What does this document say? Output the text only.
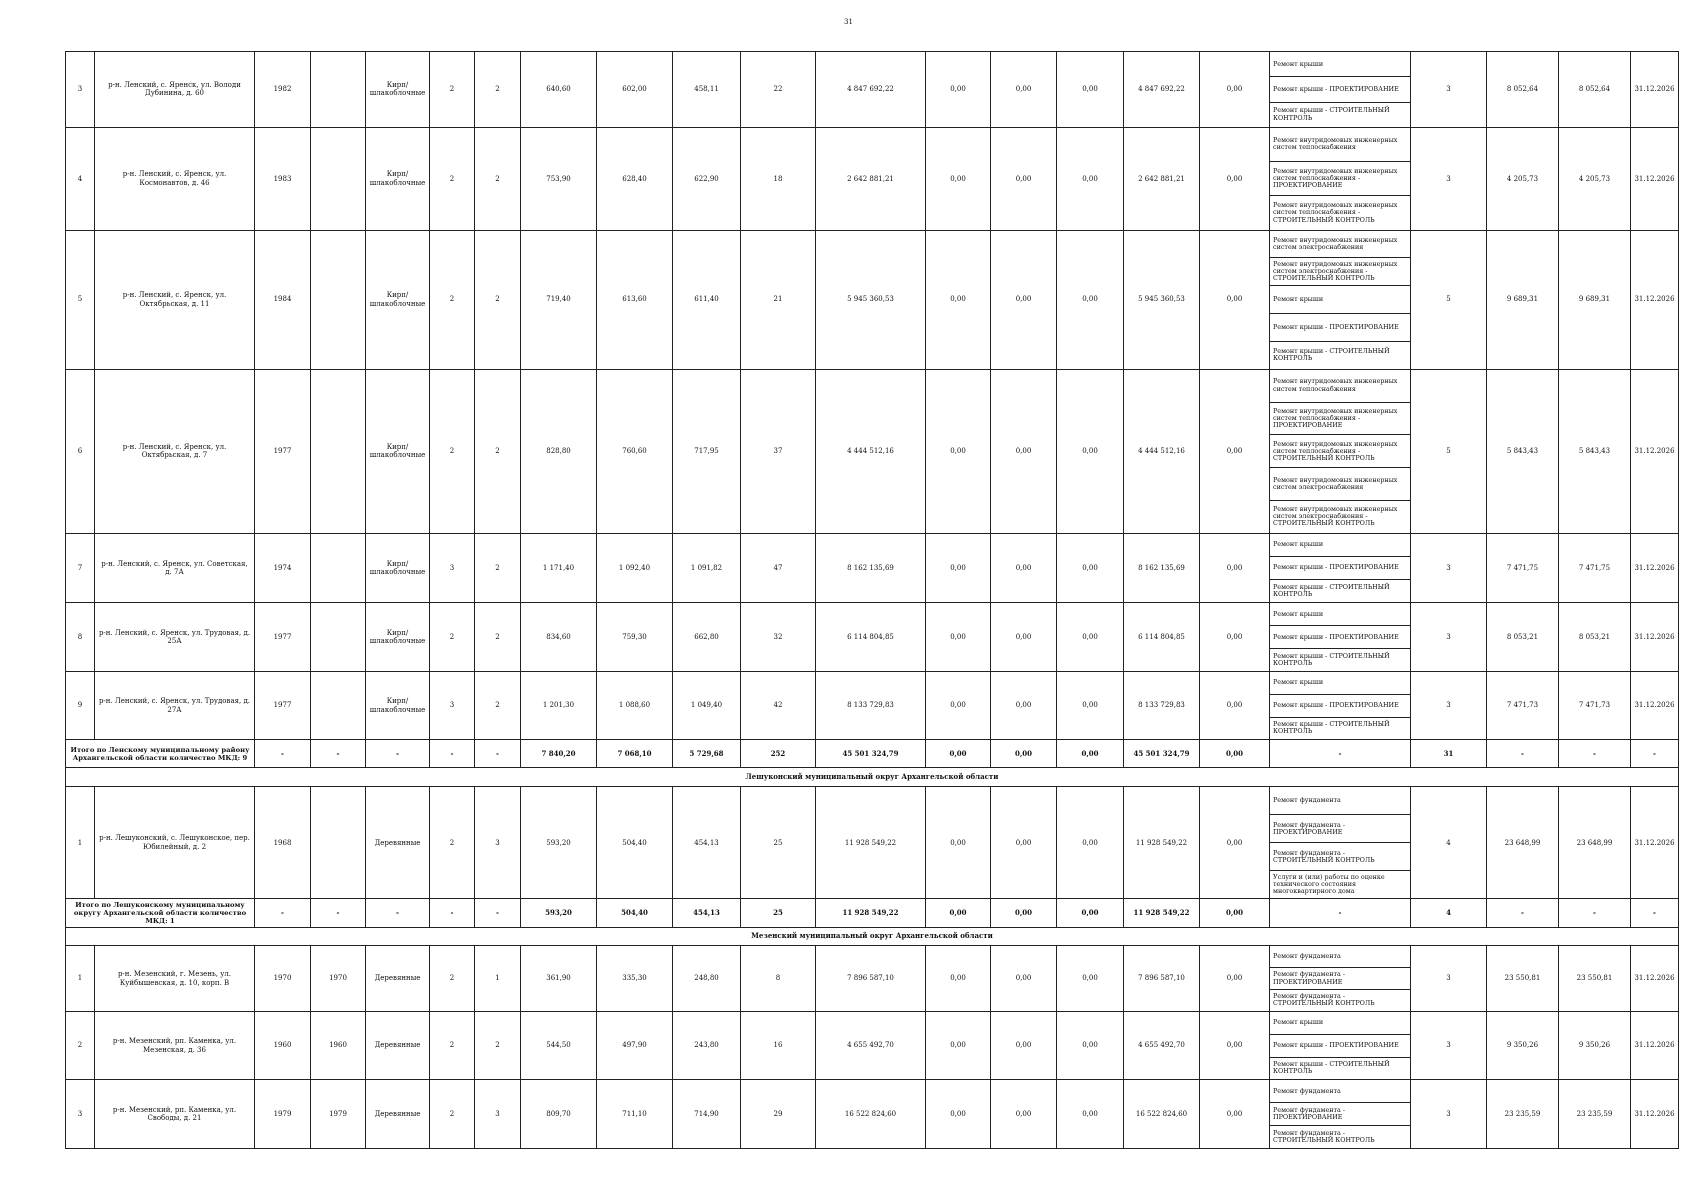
31
3	р-н. Ленский, с. Яренск, ул. Володи Дубинина, д. 60	1982		Кирп/ шлакоблочные	2	2	640,60	602,00	458,11	22	4 847 692,22	0,00	0,00	0,00	4 847 692,22	0,00	Ремонт крыши
Ремонт крыши - ПРОЕКТИРОВАНИЕ
Ремонт крыши - СТРОИТЕЛЬНЫЙ КОНТРОЛЬ	3	8 052,64	8 052,64	31.12.2026
4	р-н. Ленский, с. Яренск, ул. Космонавтов, д. 46	1983		Кирп/ шлакоблочные	2	2	753,90	628,40	622,90	18	2 642 881,21	0,00	0,00	0,00	2 642 881,21	0,00	Ремонт внутридомовых инженерных систем теплоснабжения
Ремонт внутридомовых инженерных систем теплоснабжения - ПРОЕКТИРОВАНИЕ
Ремонт внутридомовых инженерных систем теплоснабжения - СТРОИТЕЛЬНЫЙ КОНТРОЛЬ	3	4 205,73	4 205,73	31.12.2026
5	р-н. Ленский, с. Яренск, ул. Октябрьская, д. 11	1984		Кирп/ шлакоблочные	2	2	719,40	613,60	611,40	21	5 945 360,53	0,00	0,00	0,00	5 945 360,53	0,00	Ремонт внутридомовых инженерных систем электроснабжения
Ремонт внутридомовых инженерных систем электроснабжения - СТРОИТЕЛЬНЫЙ КОНТРОЛЬ
Ремонт крыши
Ремонт крыши - ПРОЕКТИРОВАНИЕ
Ремонт крыши - СТРОИТЕЛЬНЫЙ КОНТРОЛЬ	5	9 689,31	9 689,31	31.12.2026
6	р-н. Ленский, с. Яренск, ул. Октябрьская, д. 7	1977		Кирп/ шлакоблочные	2	2	828,80	760,60	717,95	37	4 444 512,16	0,00	0,00	0,00	4 444 512,16	0,00	Ремонт внутридомовых инженерных систем теплоснабжения
Ремонт внутридомовых инженерных систем теплоснабжения - ПРОЕКТИРОВАНИЕ
Ремонт внутридомовых инженерных систем теплоснабжения - СТРОИТЕЛЬНЫЙ КОНТРОЛЬ
Ремонт внутридомовых инженерных систем электроснабжения
Ремонт внутридомовых инженерных систем электроснабжения - СТРОИТЕЛЬНЫЙ КОНТРОЛЬ	5	5 843,43	5 843,43	31.12.2026
7	р-н. Ленский, с. Яренск, ул. Советская, д. 7А	1974		Кирп/ шлакоблочные	3	2	1 171,40	1 092,40	1 091,82	47	8 162 135,69	0,00	0,00	0,00	8 162 135,69	0,00	Ремонт крыши
Ремонт крыши - ПРОЕКТИРОВАНИЕ
Ремонт крыши - СТРОИТЕЛЬНЫЙ КОНТРОЛЬ	3	7 471,75	7 471,75	31.12.2026
8	р-н. Ленский, с. Яренск, ул. Трудовая, д. 25А	1977		Кирп/ шлакоблочные	2	2	834,60	759,30	662,80	32	6 114 804,85	0,00	0,00	0,00	6 114 804,85	0,00	Ремонт крыши
Ремонт крыши - ПРОЕКТИРОВАНИЕ
Ремонт крыши - СТРОИТЕЛЬНЫЙ КОНТРОЛЬ	3	8 053,21	8 053,21	31.12.2026
9	р-н. Ленский, с. Яренск, ул. Трудовая, д. 27А	1977		Кирп/ шлакоблочные	3	2	1 201,30	1 088,60	1 049,40	42	8 133 729,83	0,00	0,00	0,00	8 133 729,83	0,00	Ремонт крыши
Ремонт крыши - ПРОЕКТИРОВАНИЕ
Ремонт крыши - СТРОИТЕЛЬНЫЙ КОНТРОЛЬ	3	7 471,73	7 471,73	31.12.2026
Итого по Ленскому муниципальному району Архангельской области количество МКД: 9		-	-	-	-	-	7 840,20	7 068,10	5 729,68	252	45 501 324,79	0,00	0,00	0,00	45 501 324,79	0,00	-	31	-	-	-
Лешуконский муниципальный округ Архангельской области																					
1	р-н. Лешуконский, с. Лешуконское, пер. Юбилейный, д. 2	1968		Деревянные	2	3	593,20	504,40	454,13	25	11 928 549,22	0,00	0,00	0,00	11 928 549,22	0,00	Ремонт фундамента
Ремонт фундамента - ПРОЕКТИРОВАНИЕ
Ремонт фундамента - СТРОИТЕЛЬНЫЙ КОНТРОЛЬ
Услуги и (или) работы по оценке технического состояния многоквартирного дома	4	23 648,99	23 648,99	31.12.2026
Итого по Лешуконскому муниципальному округу Архангельской области количество МКД: 1		-	-	-	-	-	593,20	504,40	454,13	25	11 928 549,22	0,00	0,00	0,00	11 928 549,22	0,00	-	4	-	-	-
Мезенский муниципальный округ Архангельской области																					
1	р-н. Мезенский, г. Мезень, ул. Куйбышевская, д. 10, корп. В	1970	1970	Деревянные	2	1	361,90	335,30	248,80	8	7 896 587,10	0,00	0,00	0,00	7 896 587,10	0,00	Ремонт фундамента
Ремонт фундамента - ПРОЕКТИРОВАНИЕ
Ремонт фундамента - СТРОИТЕЛЬНЫЙ КОНТРОЛЬ	3	23 550,81	23 550,81	31.12.2026
2	р-н. Мезенский, рп. Каменка, ул. Мезенская, д. 36	1960	1960	Деревянные	2	2	544,50	497,90	243,80	16	4 655 492,70	0,00	0,00	0,00	4 655 492,70	0,00	Ремонт крыши
Ремонт крыши - ПРОЕКТИРОВАНИЕ
Ремонт крыши - СТРОИТЕЛЬНЫЙ КОНТРОЛЬ	3	9 350,26	9 350,26	31.12.2026
3	р-н. Мезенский, рп. Каменка, ул. Свободы, д. 21	1979	1979	Деревянные	2	3	809,70	711,10	714,90	29	16 522 824,60	0,00	0,00	0,00	16 522 824,60	0,00	Ремонт фундамента
Ремонт фундамента - ПРОЕКТИРОВАНИЕ
Ремонт фундамента - СТРОИТЕЛЬНЫЙ КОНТРОЛЬ	3	23 235,59	23 235,59	31.12.2026
